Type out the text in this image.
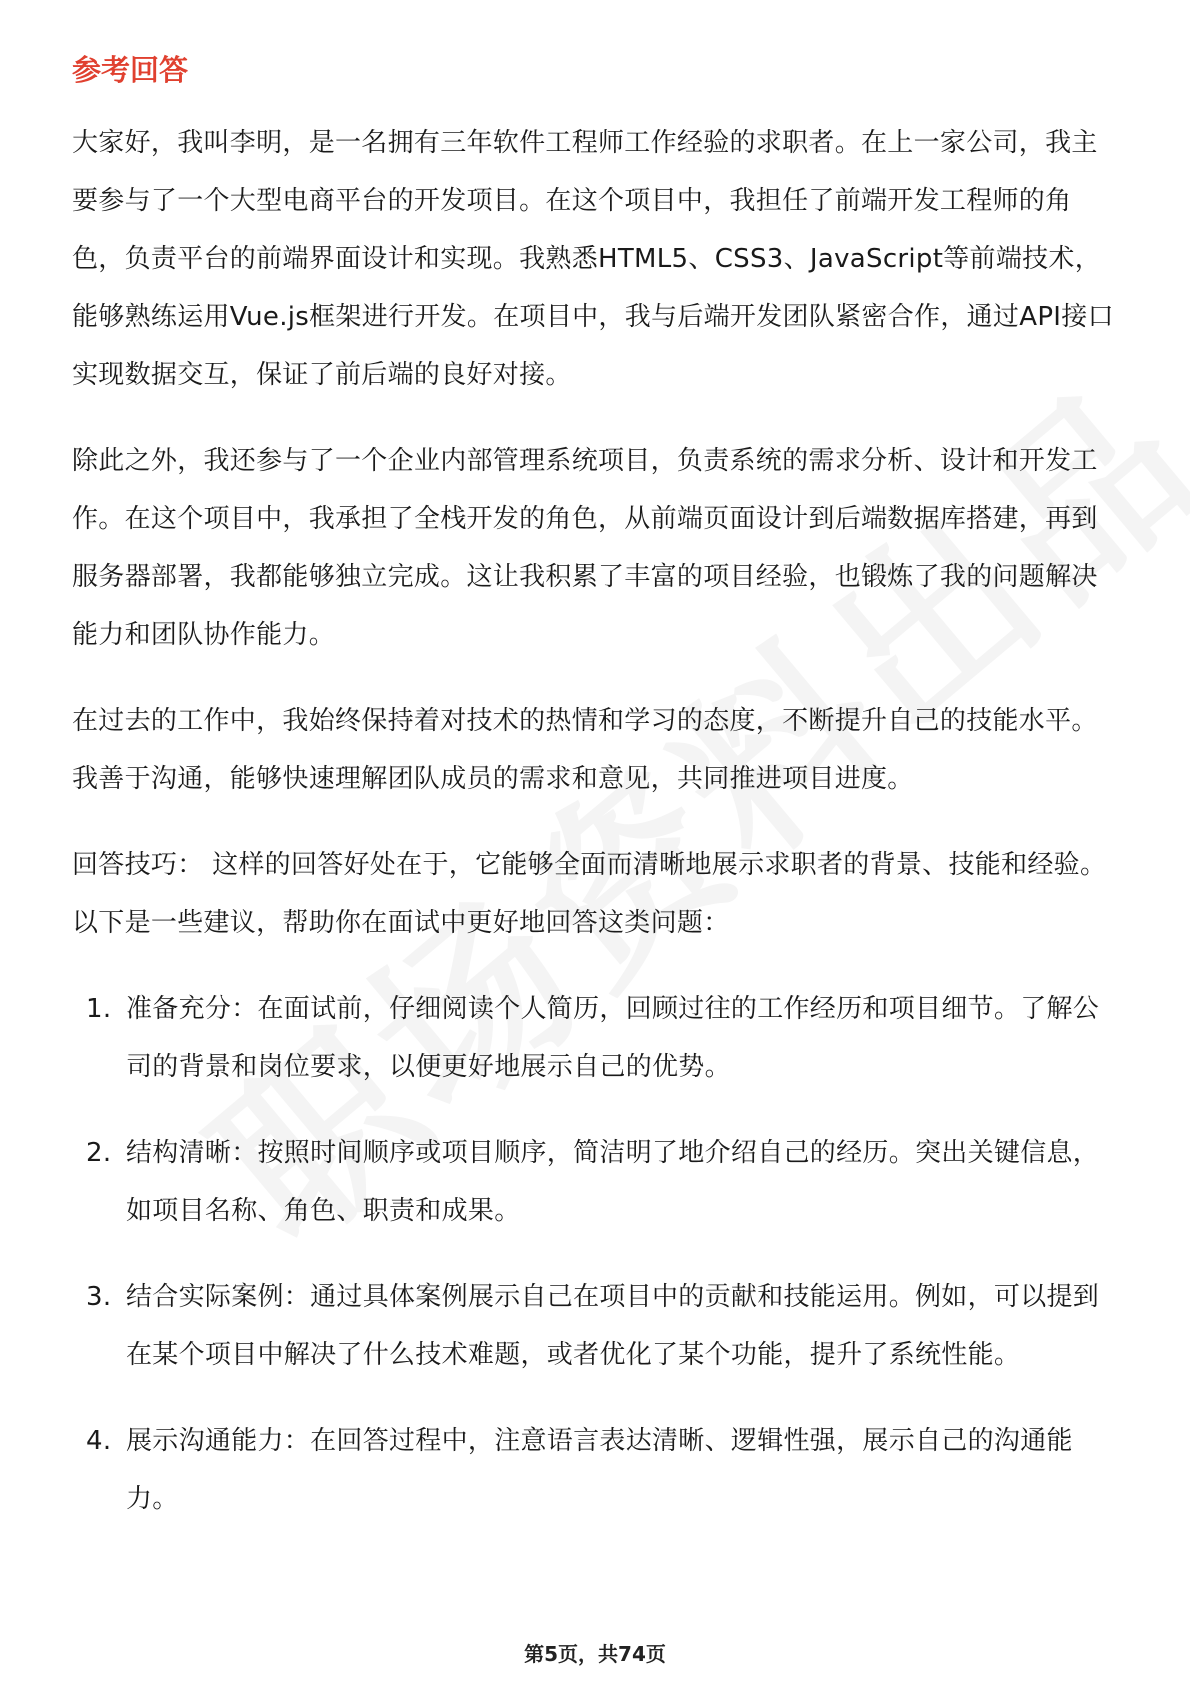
参考回答

大家好，我叫李明，是一名拥有三年软件工程师工作经验的求职者。在上一家公司，我主要参与了一个大型电商平台的开发项目。在这个项目中，我担任了前端开发工程师的角色，负责平台的前端界面设计和实现。我熟悉HTML5、CSS3、JavaScript等前端技术，能够熟练运用Vue.js框架进行开发。在项目中，我与后端开发团队紧密合作，通过API接口实现数据交互，保证了前后端的良好对接。

除此之外，我还参与了一个企业内部管理系统项目，负责系统的需求分析、设计和开发工作。在这个项目中，我承担了全栈开发的角色，从前端页面设计到后端数据库搭建，再到服务器部署，我都能够独立完成。这让我积累了丰富的项目经验，也锻炼了我的问题解决能力和团队协作能力。

在过去的工作中，我始终保持着对技术的热情和学习的态度，不断提升自己的技能水平。我善于沟通，能够快速理解团队成员的需求和意见，共同推进项目进度。

回答技巧： 这样的回答好处在于，它能够全面而清晰地展示求职者的背景、技能和经验。以下是一些建议，帮助你在面试中更好地回答这类问题：

1. 准备充分：在面试前，仔细阅读个人简历，回顾过往的工作经历和项目细节。了解公司的背景和岗位要求，以便更好地展示自己的优势。
2. 结构清晰：按照时间顺序或项目顺序，简洁明了地介绍自己的经历。突出关键信息，如项目名称、角色、职责和成果。
3. 结合实际案例：通过具体案例展示自己在项目中的贡献和技能运用。例如，可以提到在某个项目中解决了什么技术难题，或者优化了某个功能，提升了系统性能。
4. 展示沟通能力：在回答过程中，注意语言表达清晰、逻辑性强，展示自己的沟通能力。
第5页，共74页
